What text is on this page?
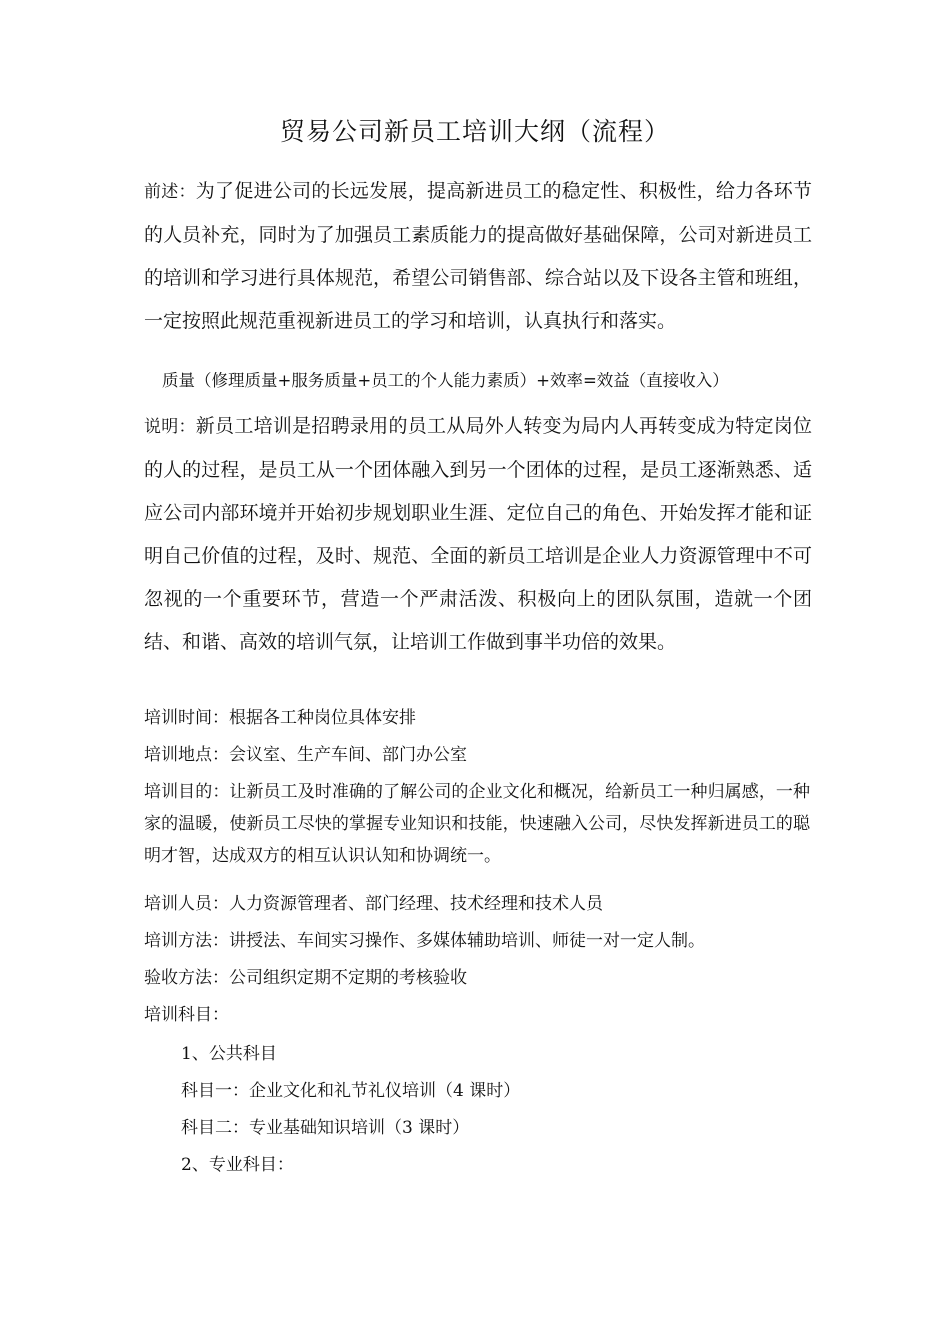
贸易公司新员工培训大纲（流程）
前述：为了促进公司的长远发展，提高新进员工的稳定性、积极性，给力各环节的人员补充，同时为了加强员工素质能力的提高做好基础保障，公司对新进员工的培训和学习进行具体规范，希望公司销售部、综合站以及下设各主管和班组，一定按照此规范重视新进员工的学习和培训，认真执行和落实。
质量（修理质量+服务质量+员工的个人能力素质）+效率=效益（直接收入）
说明：新员工培训是招聘录用的员工从局外人转变为局内人再转变成为特定岗位的人的过程，是员工从一个团体融入到另一个团体的过程，是员工逐渐熟悉、适应公司内部环境并开始初步规划职业生涯、定位自己的角色、开始发挥才能和证明自己价值的过程，及时、规范、全面的新员工培训是企业人力资源管理中不可忽视的一个重要环节，营造一个严肃活泼、积极向上的团队氛围，造就一个团结、和谐、高效的培训气氛，让培训工作做到事半功倍的效果。
培训时间：根据各工种岗位具体安排
培训地点：会议室、生产车间、部门办公室
培训目的：让新员工及时准确的了解公司的企业文化和概况，给新员工一种归属感，一种家的温暖，使新员工尽快的掌握专业知识和技能，快速融入公司，尽快发挥新进员工的聪明才智，达成双方的相互认识认知和协调统一。
培训人员：人力资源管理者、部门经理、技术经理和技术人员
培训方法：讲授法、车间实习操作、多媒体辅助培训、师徒一对一定人制。
验收方法：公司组织定期不定期的考核验收
培训科目：
1、公共科目
科目一：企业文化和礼节礼仪培训（4 课时）
科目二：专业基础知识培训（3 课时）
2、专业科目：
